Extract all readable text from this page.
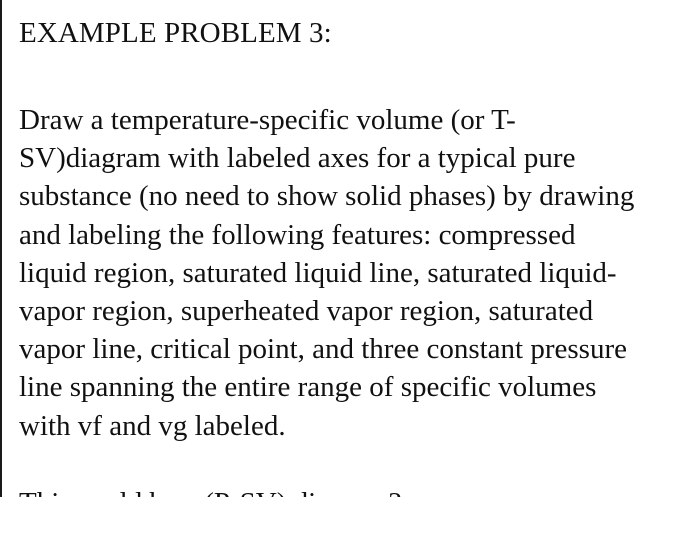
EXAMPLE PROBLEM 3:
Draw a temperature-specific volume (or T-
SV)diagram with labeled axes for a typical pure
substance (no need to show solid phases) by drawing
and labeling the following features: compressed
liquid region, saturated liquid line, saturated liquid-
vapor region, superheated vapor region, saturated
vapor line, critical point, and three constant pressure
line spanning the entire range of specific volumes
with vf and vg labeled.
